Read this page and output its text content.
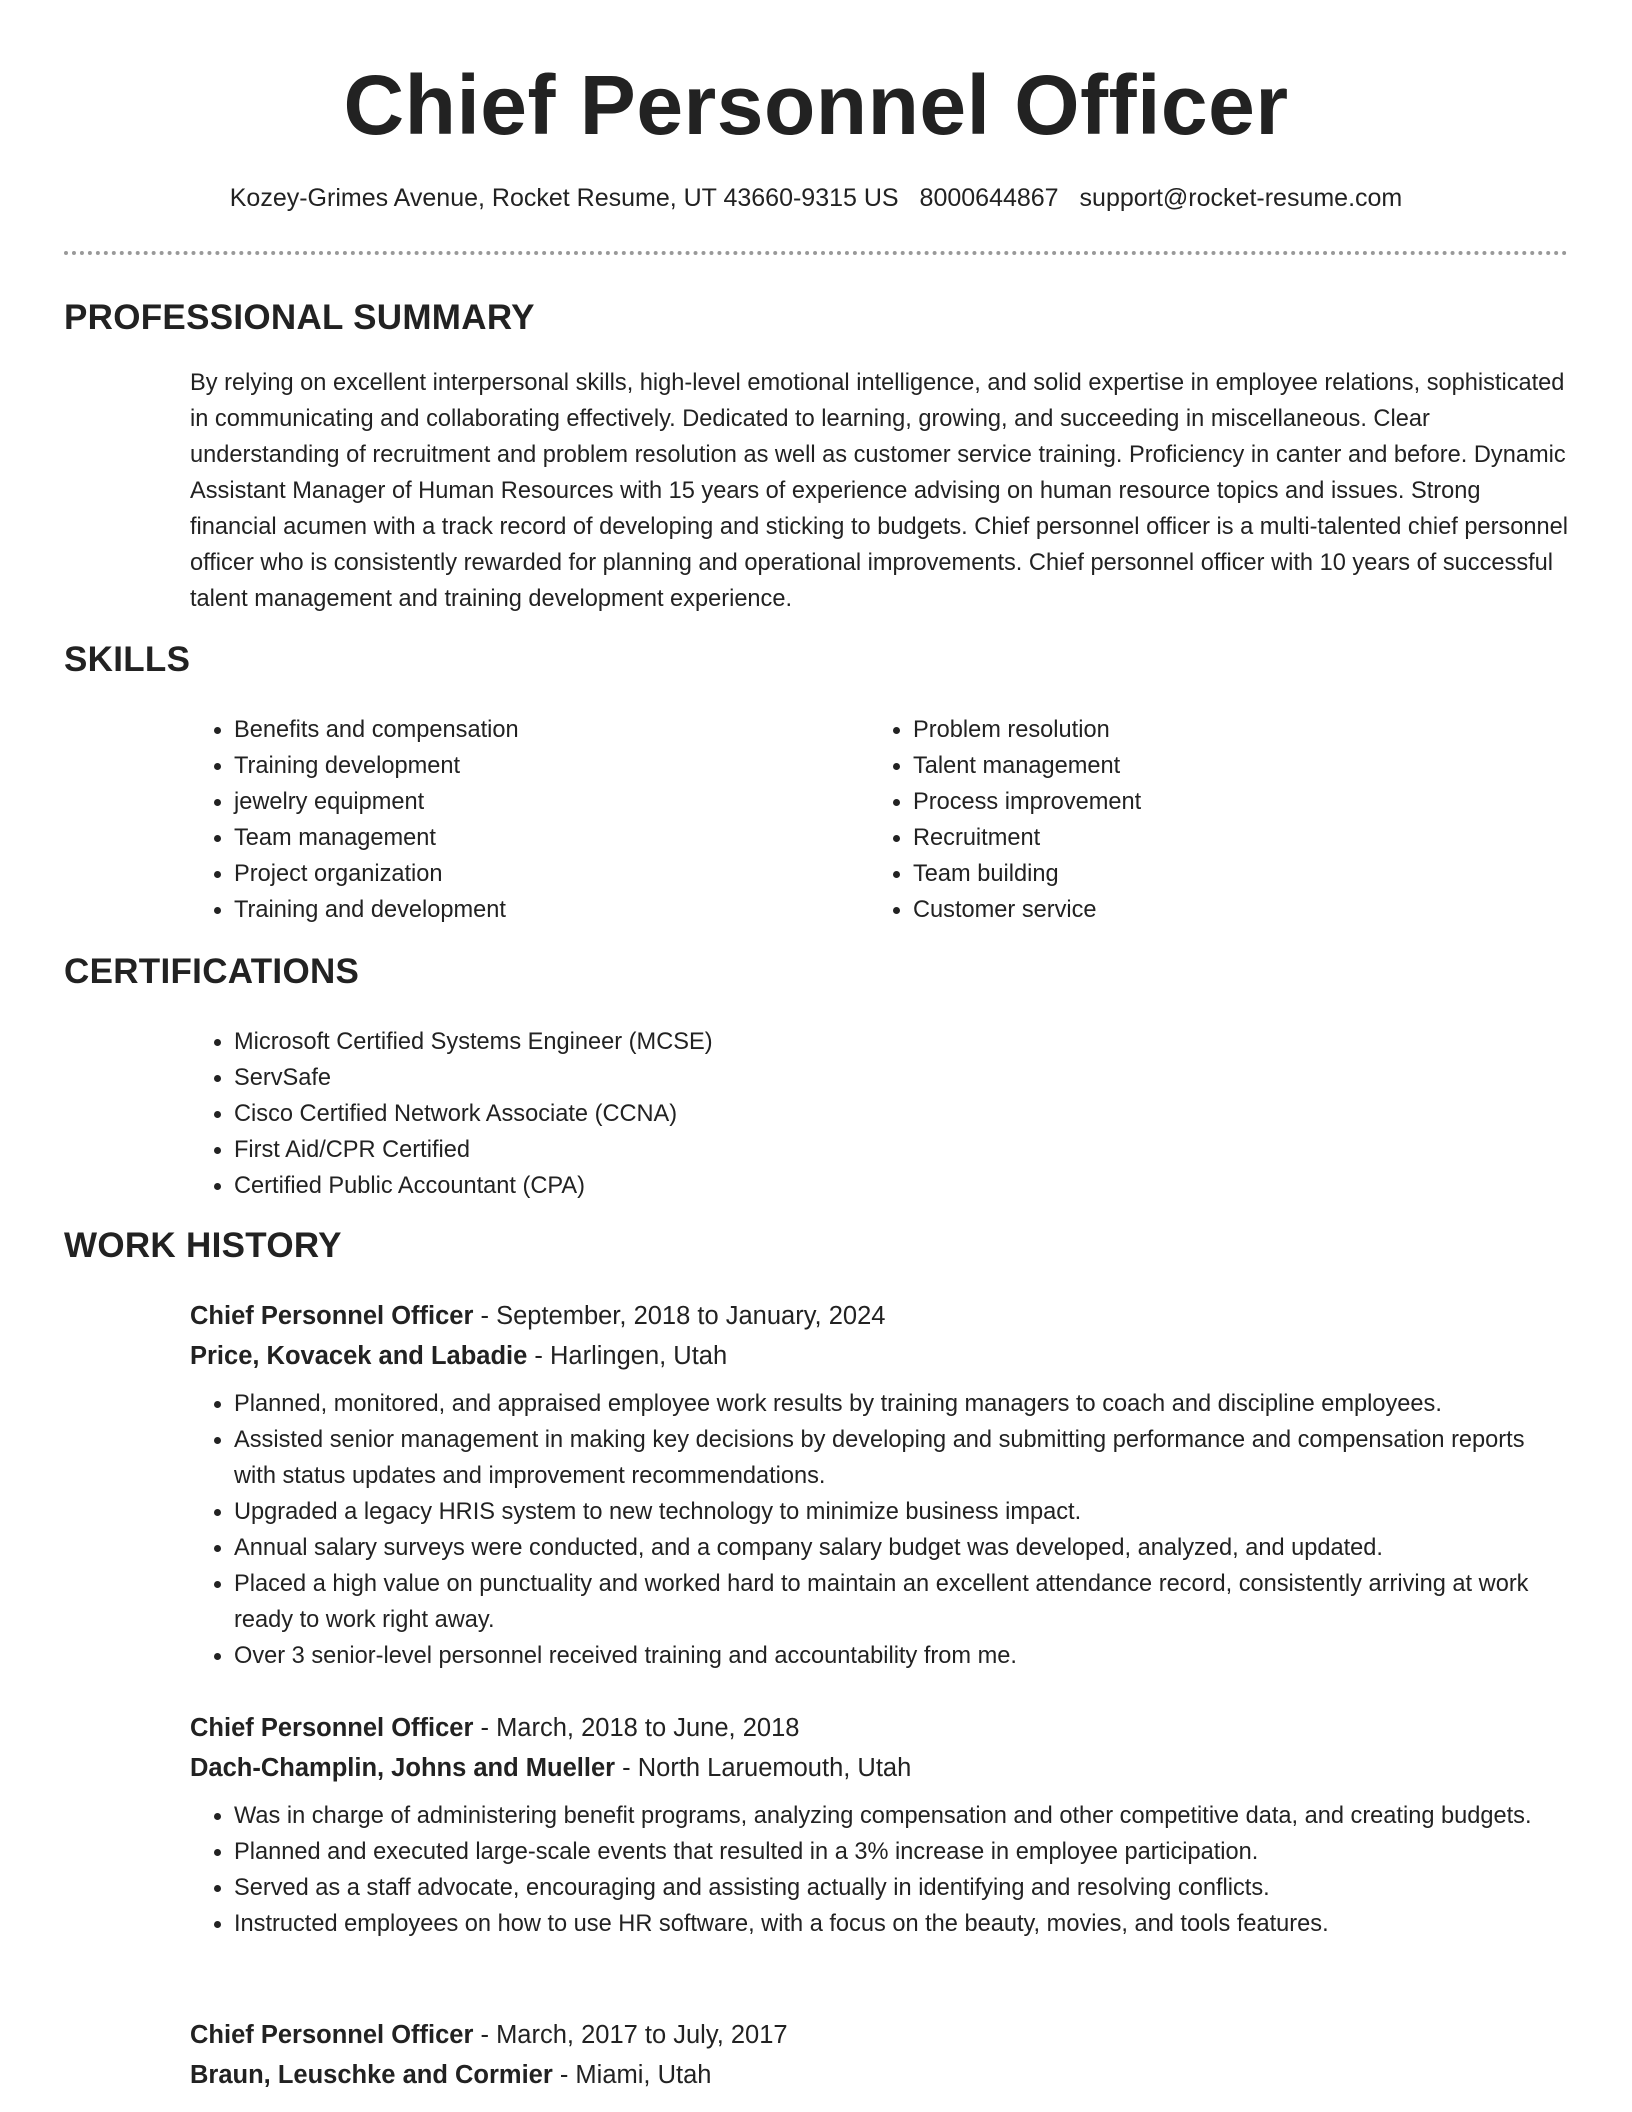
Chief Personnel Officer
Kozey-Grimes Avenue, Rocket Resume, UT 43660-9315 US 8000644867 support@rocket-resume.com
PROFESSIONAL SUMMARY
By relying on excellent interpersonal skills, high-level emotional intelligence, and solid expertise in employee relations, sophisticated in communicating and collaborating effectively. Dedicated to learning, growing, and succeeding in miscellaneous. Clear understanding of recruitment and problem resolution as well as customer service training. Proficiency in canter and before. Dynamic Assistant Manager of Human Resources with 15 years of experience advising on human resource topics and issues. Strong financial acumen with a track record of developing and sticking to budgets. Chief personnel officer is a multi-talented chief personnel officer who is consistently rewarded for planning and operational improvements. Chief personnel officer with 10 years of successful talent management and training development experience.
SKILLS
• Benefits and compensation
• Training development
• jewelry equipment
• Team management
• Project organization
• Training and development
• Problem resolution
• Talent management
• Process improvement
• Recruitment
• Team building
• Customer service
CERTIFICATIONS
• Microsoft Certified Systems Engineer (MCSE)
• ServSafe
• Cisco Certified Network Associate (CCNA)
• First Aid/CPR Certified
• Certified Public Accountant (CPA)
WORK HISTORY
Chief Personnel Officer - September, 2018 to January, 2024
Price, Kovacek and Labadie - Harlingen, Utah
• Planned, monitored, and appraised employee work results by training managers to coach and discipline employees.
• Assisted senior management in making key decisions by developing and submitting performance and compensation reports with status updates and improvement recommendations.
• Upgraded a legacy HRIS system to new technology to minimize business impact.
• Annual salary surveys were conducted, and a company salary budget was developed, analyzed, and updated.
• Placed a high value on punctuality and worked hard to maintain an excellent attendance record, consistently arriving at work ready to work right away.
• Over 3 senior-level personnel received training and accountability from me.
Chief Personnel Officer - March, 2018 to June, 2018
Dach-Champlin, Johns and Mueller - North Laruemouth, Utah
• Was in charge of administering benefit programs, analyzing compensation and other competitive data, and creating budgets.
• Planned and executed large-scale events that resulted in a 3% increase in employee participation.
• Served as a staff advocate, encouraging and assisting actually in identifying and resolving conflicts.
• Instructed employees on how to use HR software, with a focus on the beauty, movies, and tools features.
Chief Personnel Officer - March, 2017 to July, 2017
Braun, Leuschke and Cormier - Miami, Utah
